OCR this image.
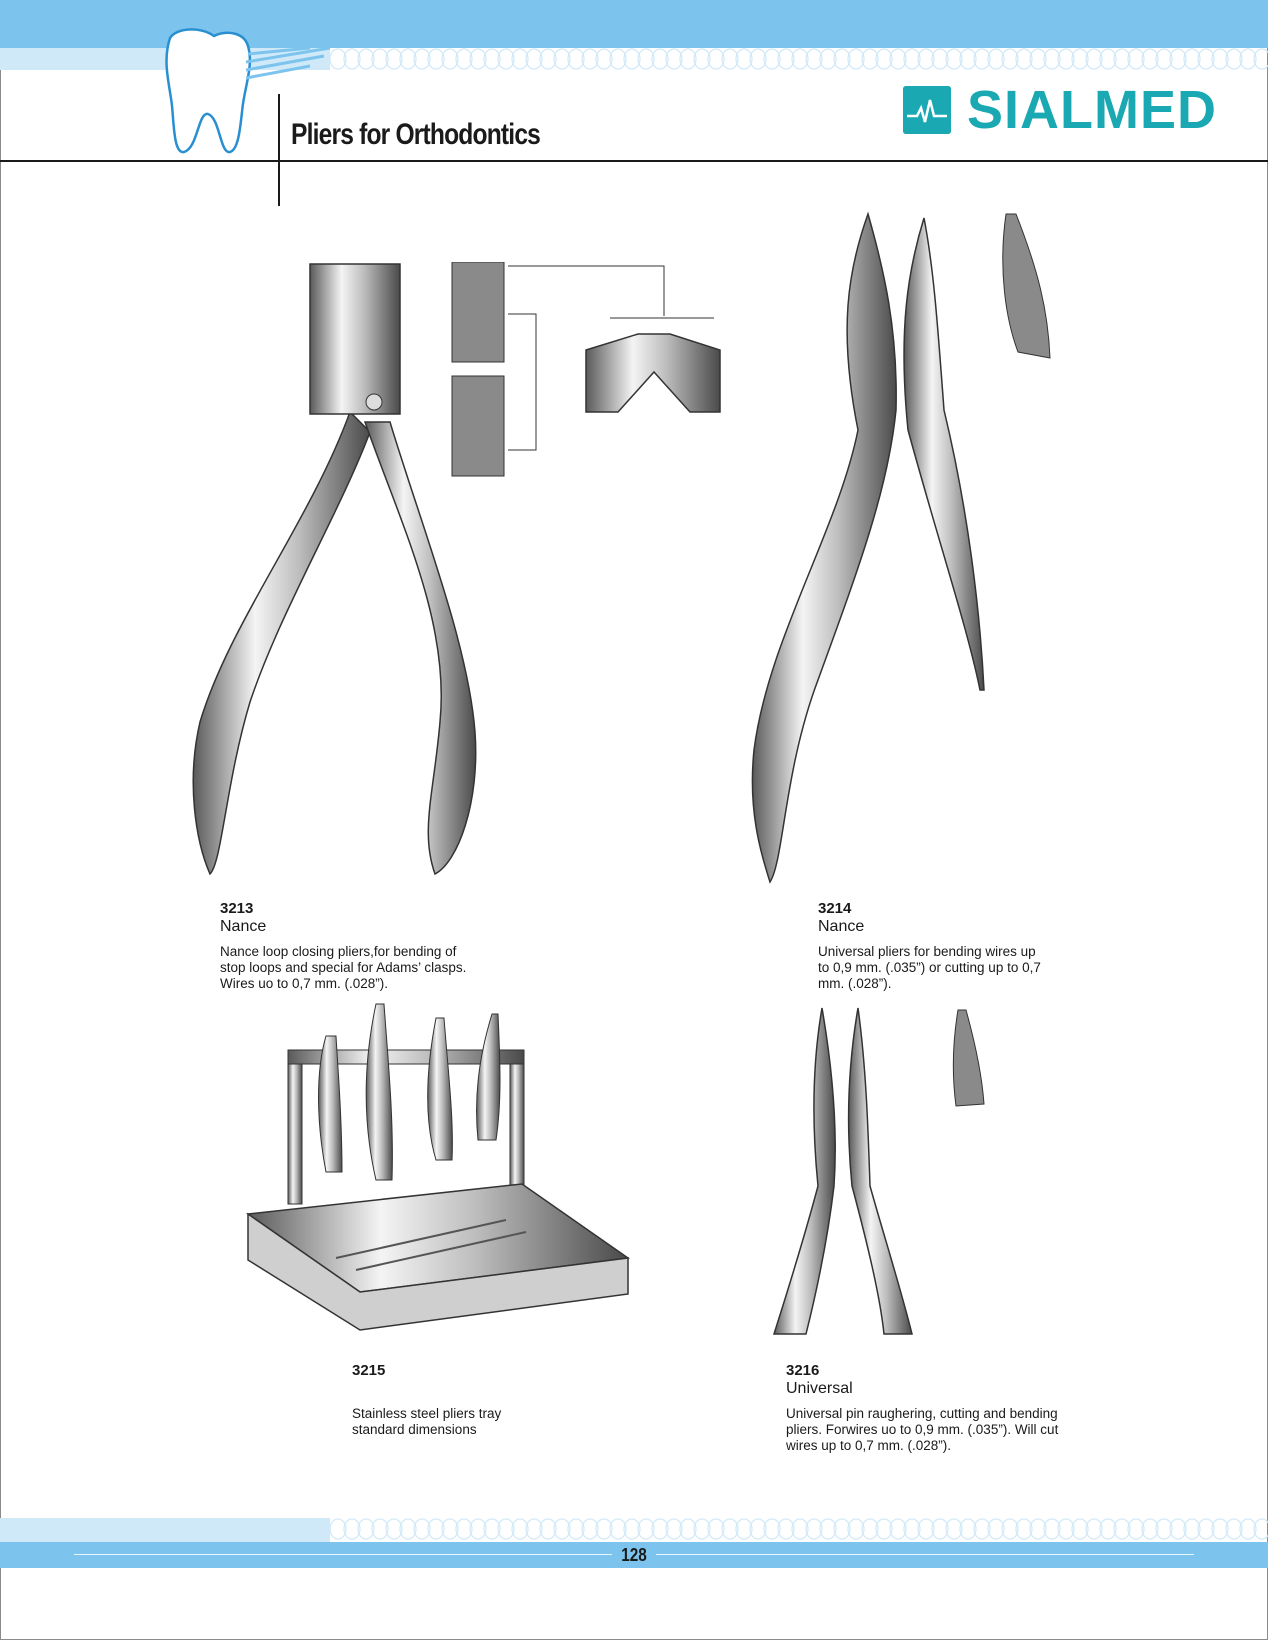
Pliers for Orthodontics	SIALMED
3213
Nance
Nance loop closing pliers,for bending of
stop loops and special for Adams’ clasps.
Wires uo to 0,7 mm. (.028”).
3214
Nance
Universal pliers for bending wires up
to 0,9 mm. (.035”) or cutting up to 0,7
mm. (.028”).
3215
Stainless steel pliers tray
standard dimensions
3216
Universal
Universal pin raughering, cutting and bending
pliers. Forwires uo to 0,9 mm. (.035”). Will cut
wires up to 0,7 mm. (.028”).
128
